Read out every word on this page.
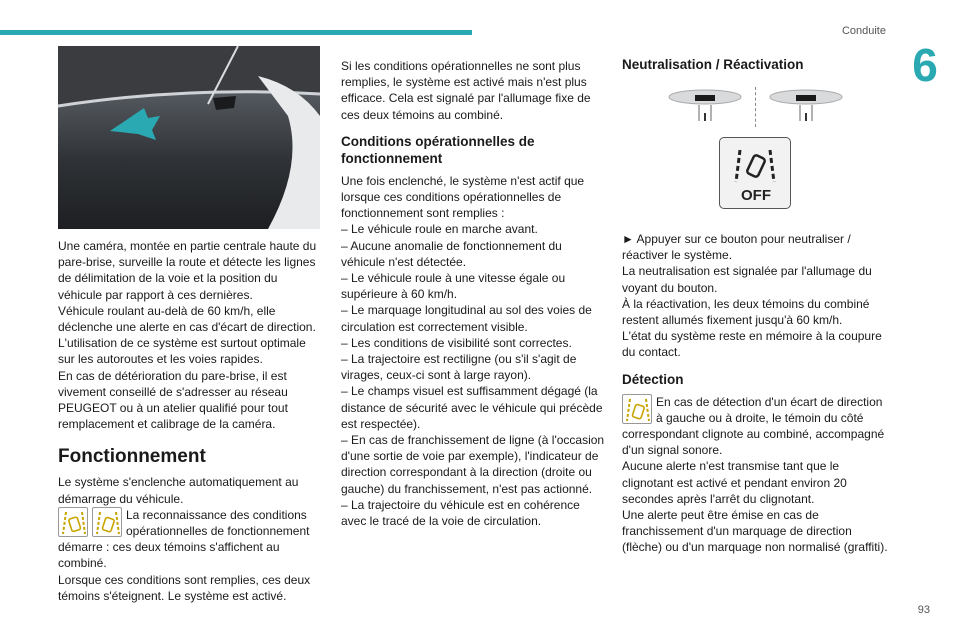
Conduite
6

Une caméra, montée en partie centrale haute du pare-brise, surveille la route et détecte les lignes de délimitation de la voie et la position du véhicule par rapport à ces dernières.

Véhicule roulant au-delà de 60 km/h, elle déclenche une alerte en cas d'écart de direction.

L'utilisation de ce système est surtout optimale sur les autoroutes et les voies rapides.

En cas de détérioration du pare-brise, il est vivement conseillé de s'adresser au réseau PEUGEOT ou à un atelier qualifié pour tout remplacement et calibrage de la caméra.

Fonctionnement

Le système s'enclenche automatiquement au démarrage du véhicule.

La reconnaissance des conditions opérationnelles de fonctionnement démarre : ces deux témoins s'affichent au combiné.

Lorsque ces conditions sont remplies, ces deux témoins s'éteignent. Le système est activé.

Si les conditions opérationnelles ne sont plus remplies, le système est activé mais n'est plus efficace. Cela est signalé par l'allumage fixe de ces deux témoins au combiné.

Conditions opérationnelles de fonctionnement

Une fois enclenché, le système n'est actif que lorsque ces conditions opérationnelles de fonctionnement sont remplies :

– Le véhicule roule en marche avant.

– Aucune anomalie de fonctionnement du véhicule n'est détectée.

– Le véhicule roule à une vitesse égale ou supérieure à 60 km/h.

– Le marquage longitudinal au sol des voies de circulation est correctement visible.

– Les conditions de visibilité sont correctes.

– La trajectoire est rectiligne (ou s'il s'agit de virages, ceux-ci sont à large rayon).

– Le champs visuel est suffisamment dégagé (la distance de sécurité avec le véhicule qui précède est respectée).

– En cas de franchissement de ligne (à l'occasion d'une sortie de voie par exemple), l'indicateur de direction correspondant à la direction (droite ou gauche) du franchissement, n'est pas actionné.

– La trajectoire du véhicule est en cohérence avec le tracé de la voie de circulation.

Neutralisation / Réactivation
OFF

► Appuyer sur ce bouton pour neutraliser / réactiver le système.

La neutralisation est signalée par l'allumage du voyant du bouton.

À la réactivation, les deux témoins du combiné restent allumés fixement jusqu'à 60 km/h.

L'état du système reste en mémoire à la coupure du contact.

Détection

En cas de détection d'un écart de direction à gauche ou à droite, le témoin du côté correspondant clignote au combiné, accompagné d'un signal sonore.

Aucune alerte n'est transmise tant que le clignotant est activé et pendant environ 20 secondes après l'arrêt du clignotant.

Une alerte peut être émise en cas de franchissement d'un marquage de direction (flèche) ou d'un marquage non normalisé (graffiti).

93
